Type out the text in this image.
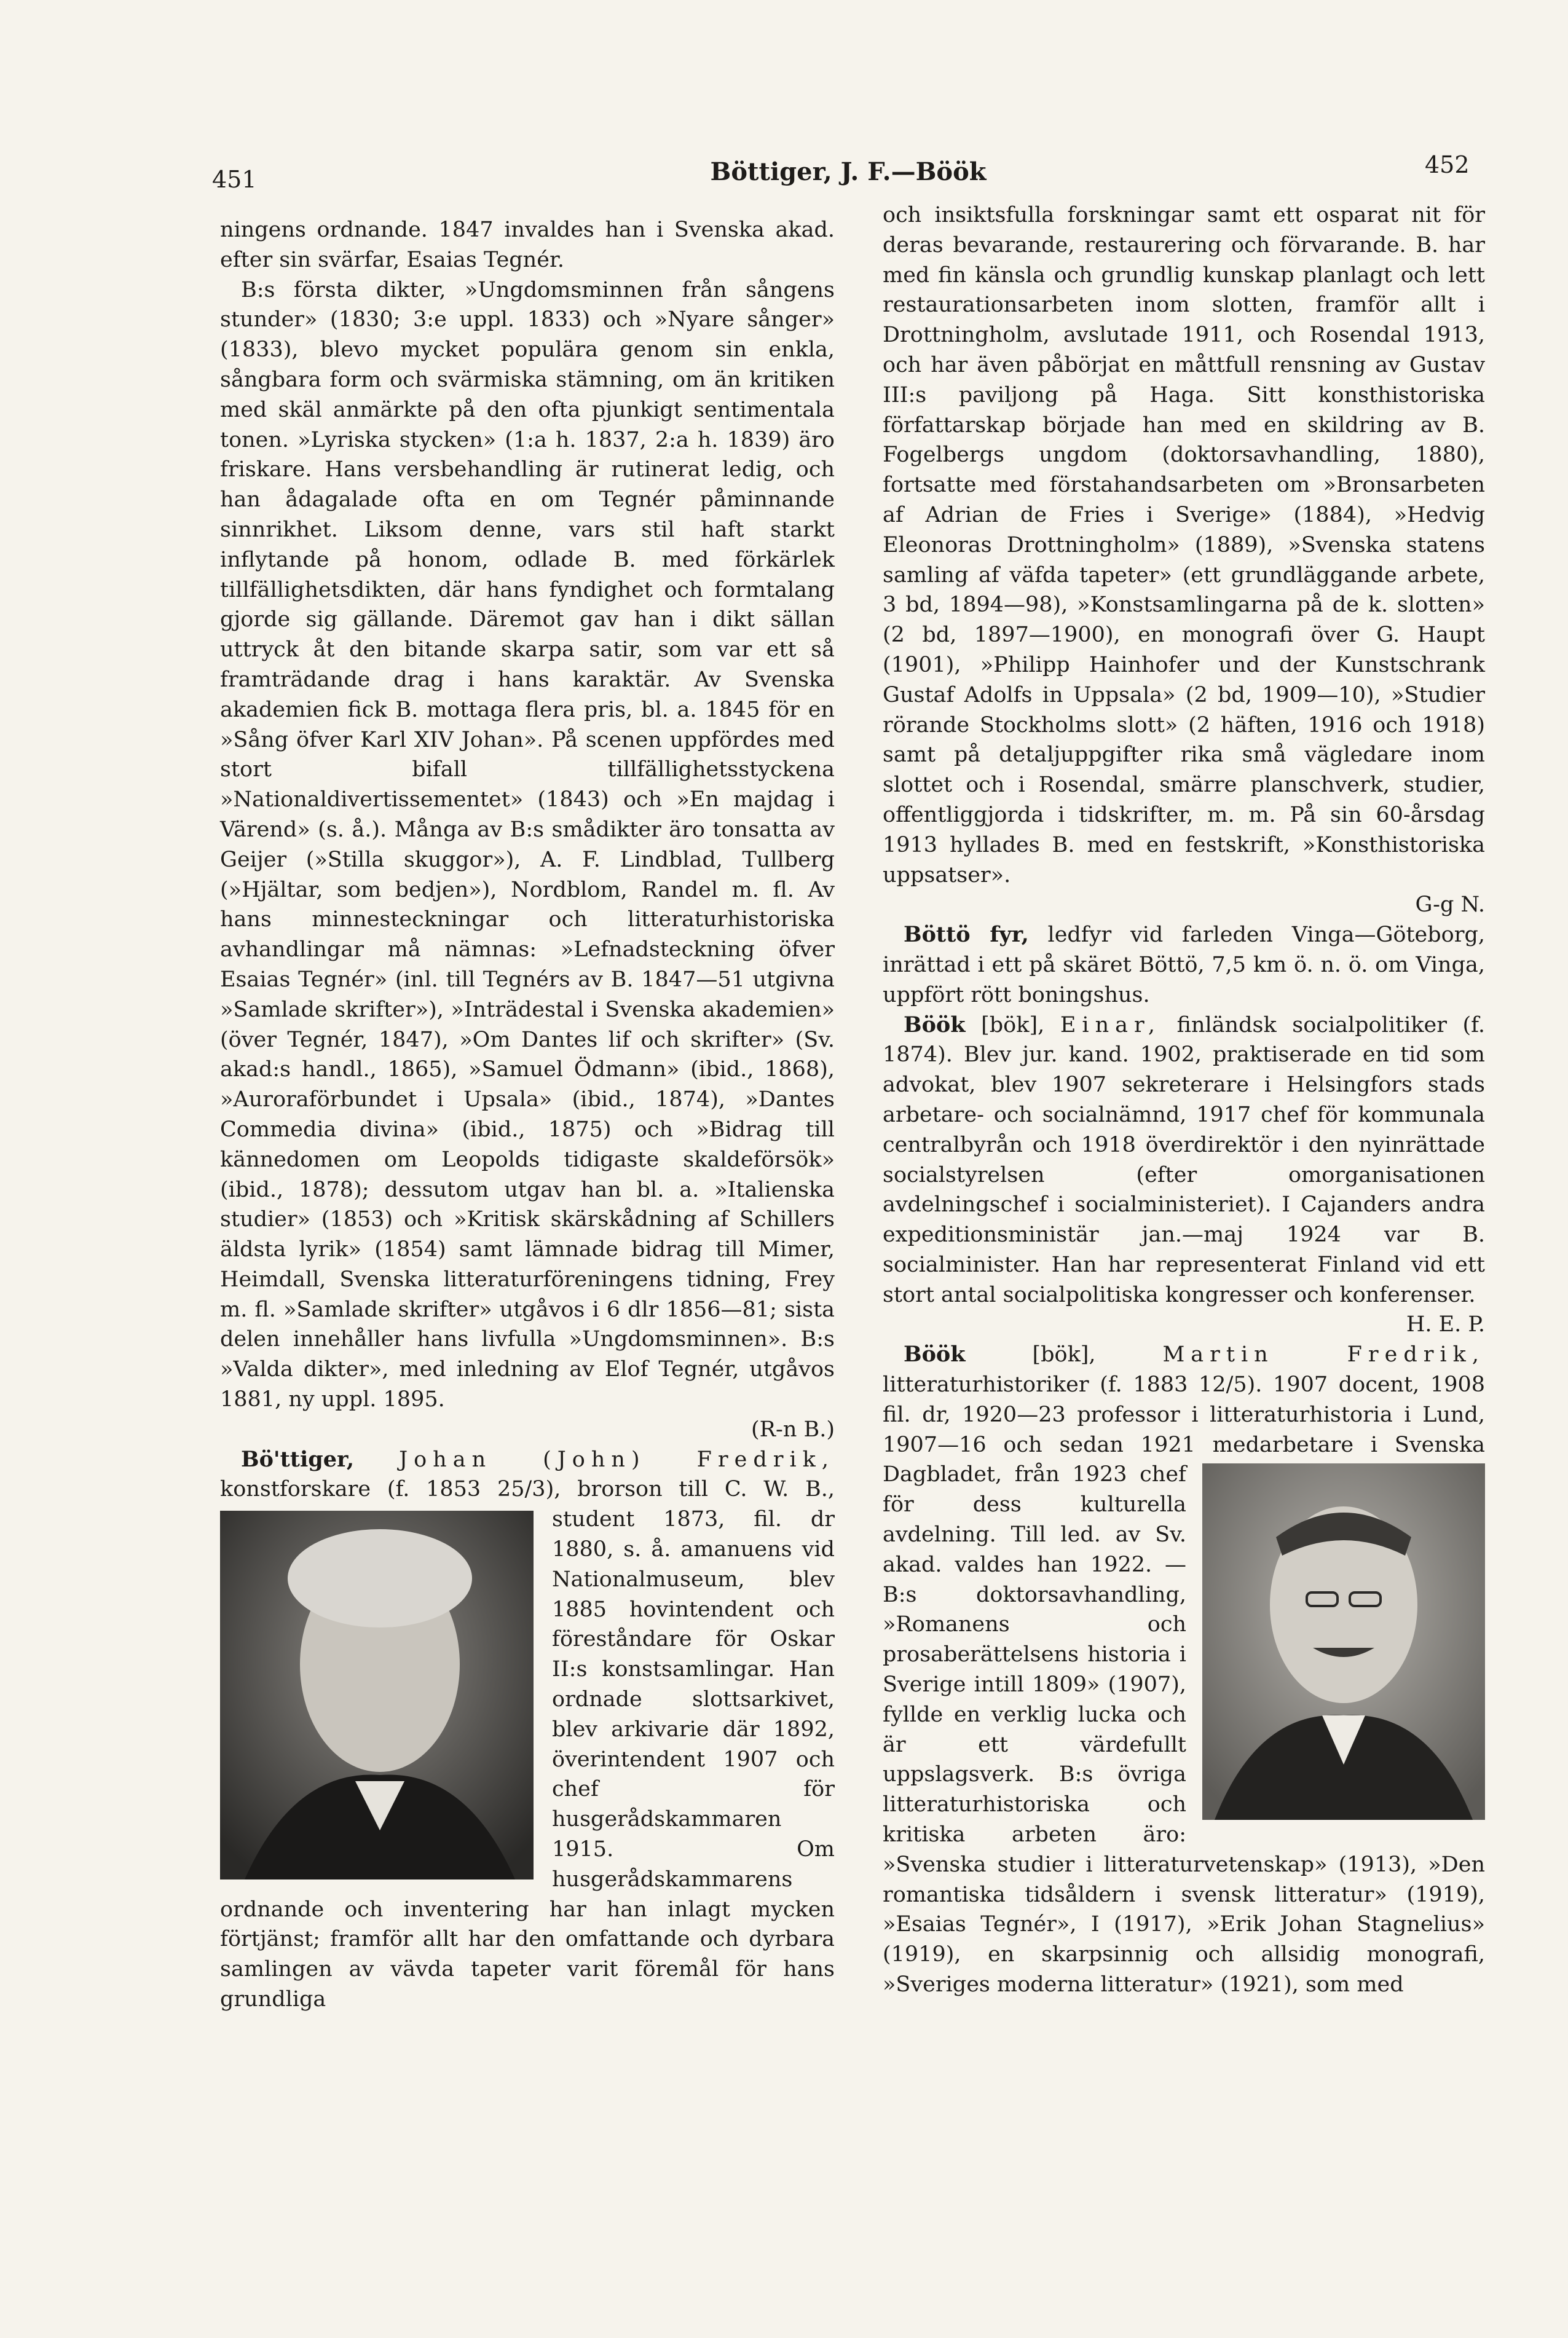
451	Böttiger, J. F.—Böök	452

ningens ordnande. 1847 invaldes han i Svenska akad. efter sin svärfar, Esaias Tegnér.

B:s första dikter, »Ungdomsminnen från sångens stunder» (1830; 3:e uppl. 1833) och »Nyare sånger» (1833), blevo mycket populära genom sin enkla, sångbara form och svärmiska stämning, om än kritiken med skäl anmärkte på den ofta pjunkigt sentimentala tonen. »Lyriska stycken» (1:a h. 1837, 2:a h. 1839) äro friskare. Hans versbehandling är rutinerat ledig, och han ådagalade ofta en om Tegnér påminnande sinnrikhet. Liksom denne, vars stil haft starkt inflytande på honom, odlade B. med förkärlek tillfällighetsdikten, där hans fyndighet och formtalang gjorde sig gällande. Däremot gav han i dikt sällan uttryck åt den bitande skarpa satir, som var ett så framträdande drag i hans karaktär. Av Svenska akademien fick B. mottaga flera pris, bl. a. 1845 för en »Sång öfver Karl XIV Johan». På scenen uppfördes med stort bifall tillfällighetsstyckena »Nationaldivertissementet» (1843) och »En majdag i Värend» (s. å.). Många av B:s smådikter äro tonsatta av Geijer (»Stilla skuggor»), A. F. Lindblad, Tullberg (»Hjältar, som bedjen»), Nordblom, Randel m. fl. Av hans minnesteckningar och litteraturhistoriska avhandlingar må nämnas: »Lefnadsteckning öfver Esaias Tegnér» (inl. till Tegnérs av B. 1847—51 utgivna »Samlade skrifter»), »Inträdestal i Svenska akademien» (över Tegnér, 1847), »Om Dantes lif och skrifter» (Sv. akad:s handl., 1865), »Samuel Ödmann» (ibid., 1868), »Auroraförbundet i Upsala» (ibid., 1874), »Dantes Commedia divina» (ibid., 1875) och »Bidrag till kännedomen om Leopolds tidigaste skaldeförsök» (ibid., 1878); dessutom utgav han bl. a. »Italienska studier» (1853) och »Kritisk skärskådning af Schillers äldsta lyrik» (1854) samt lämnade bidrag till Mimer, Heimdall, Svenska litteraturföreningens tidning, Frey m. fl. »Samlade skrifter» utgåvos i 6 dlr 1856—81; sista delen innehåller hans livfulla »Ungdomsminnen». B:s »Valda dikter», med inledning av Elof Tegnér, utgåvos 1881, ny uppl. 1895.
(R-n B.)

Bö'ttiger, Johan (John) Fredrik, konstforskare (f. 1853 25/3), brorson till C. W. B.,
student 1873, fil. dr 1880, s. å. amanuens vid Nationalmuseum, blev 1885 hovintendent och föreståndare för Oskar II:s konstsamlingar. Han ordnade slottsarkivet, blev arkivarie där 1892, överintendent 1907 och chef för husgerådskammaren 1915. Om husgerådskammarens ordnande och inventering har han inlagt mycken förtjänst; framför allt har den omfattande och dyrbara samlingen av vävda tapeter varit föremål för hans grundliga

och insiktsfulla forskningar samt ett osparat nit för deras bevarande, restaurering och förvarande. B. har med fin känsla och grundlig kunskap planlagt och lett restaurationsarbeten inom slotten, framför allt i Drottningholm, avslutade 1911, och Rosendal 1913, och har även påbörjat en måttfull rensning av Gustav III:s paviljong på Haga. Sitt konsthistoriska författarskap började han med en skildring av B. Fogelbergs ungdom (doktorsavhandling, 1880), fortsatte med förstahandsarbeten om »Bronsarbeten af Adrian de Fries i Sverige» (1884), »Hedvig Eleonoras Drottningholm» (1889), »Svenska statens samling af väfda tapeter» (ett grundläggande arbete, 3 bd, 1894—98), »Konstsamlingarna på de k. slotten» (2 bd, 1897—1900), en monografi över G. Haupt (1901), »Philipp Hainhofer und der Kunstschrank Gustaf Adolfs in Uppsala» (2 bd, 1909—10), »Studier rörande Stockholms slott» (2 häften, 1916 och 1918) samt på detaljuppgifter rika små vägledare inom slottet och i Rosendal, smärre planschverk, studier, offentliggjorda i tidskrifter, m. m. På sin 60-årsdag 1913 hyllades B. med en festskrift, »Konsthistoriska uppsatser».
G-g N.

Böttö fyr, ledfyr vid farleden Vinga—Göteborg, inrättad i ett på skäret Böttö, 7,5 km ö. n. ö. om Vinga, uppfört rött boningshus.

Böök [bök], Einar, finländsk socialpolitiker (f. 1874). Blev jur. kand. 1902, praktiserade en tid som advokat, blev 1907 sekreterare i Helsingfors stads arbetare- och socialnämnd, 1917 chef för kommunala centralbyrån och 1918 överdirektör i den nyinrättade socialstyrelsen (efter omorganisationen avdelningschef i socialministeriet). I Cajanders andra expeditionsministär jan.—maj 1924 var B. socialminister. Han har representerat Finland vid ett stort antal socialpolitiska kongresser och konferenser.
H. E. P.

Böök	[bök],	Martin Fredrik, litteraturhistoriker (f. 1883 12/5). 1907 docent, 1908 fil. dr, 1920—23 professor i litteraturhistoria i Lund, 1907—16 och sedan 1921 medarbetare i Svenska Dagbladet, från 1923 chef för dess kulturella avdelning. Till led. av Sv. akad. valdes han 1922. — B:s doktorsavhandling, »Romanens och prosaberättelsens historia i Sverige intill 1809» (1907), fyllde en verklig lucka och är ett värdefullt uppslagsverk. B:s övriga litteraturhistoriska och kritiska arbeten äro: »Svenska studier i litteraturvetenskap» (1913), »Den romantiska tidsåldern i svensk litteratur» (1919), »Esaias Tegnér», I (1917), »Erik Johan Stagnelius» (1919), en skarpsinnig och allsidig monografi, »Sveriges moderna litteratur» (1921), som med
